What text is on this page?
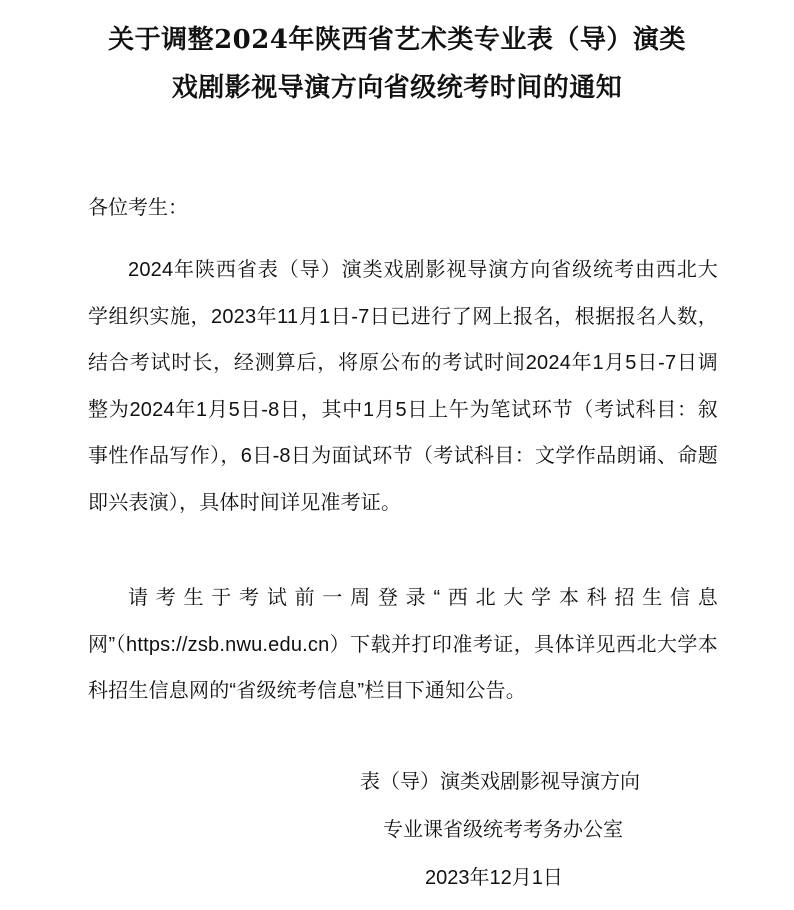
关于调整2024年陕西省艺术类专业表（导）演类
戏剧影视导演方向省级统考时间的通知
各位考生：

2024年陕西省表（导）演类戏剧影视导演方向省级统考由西北大学组织实施，2023年11月1日-7日已进行了网上报名，根据报名人数，结合考试时长，经测算后，将原公布的考试时间2024年1月5日-7日调整为2024年1月5日-8日，其中1月5日上午为笔试环节（考试科目：叙事性作品写作），6日-8日为面试环节（考试科目：文学作品朗诵、命题即兴表演），具体时间详见准考证。

请考生于考试前一周登录“西北大学本科招生信息网”（https://zsb.nwu.edu.cn）下载并打印准考证，具体详见西北大学本科招生信息网的“省级统考信息”栏目下通知公告。

表（导）演类戏剧影视导演方向
专业课省级统考考务办公室
2023年12月1日
